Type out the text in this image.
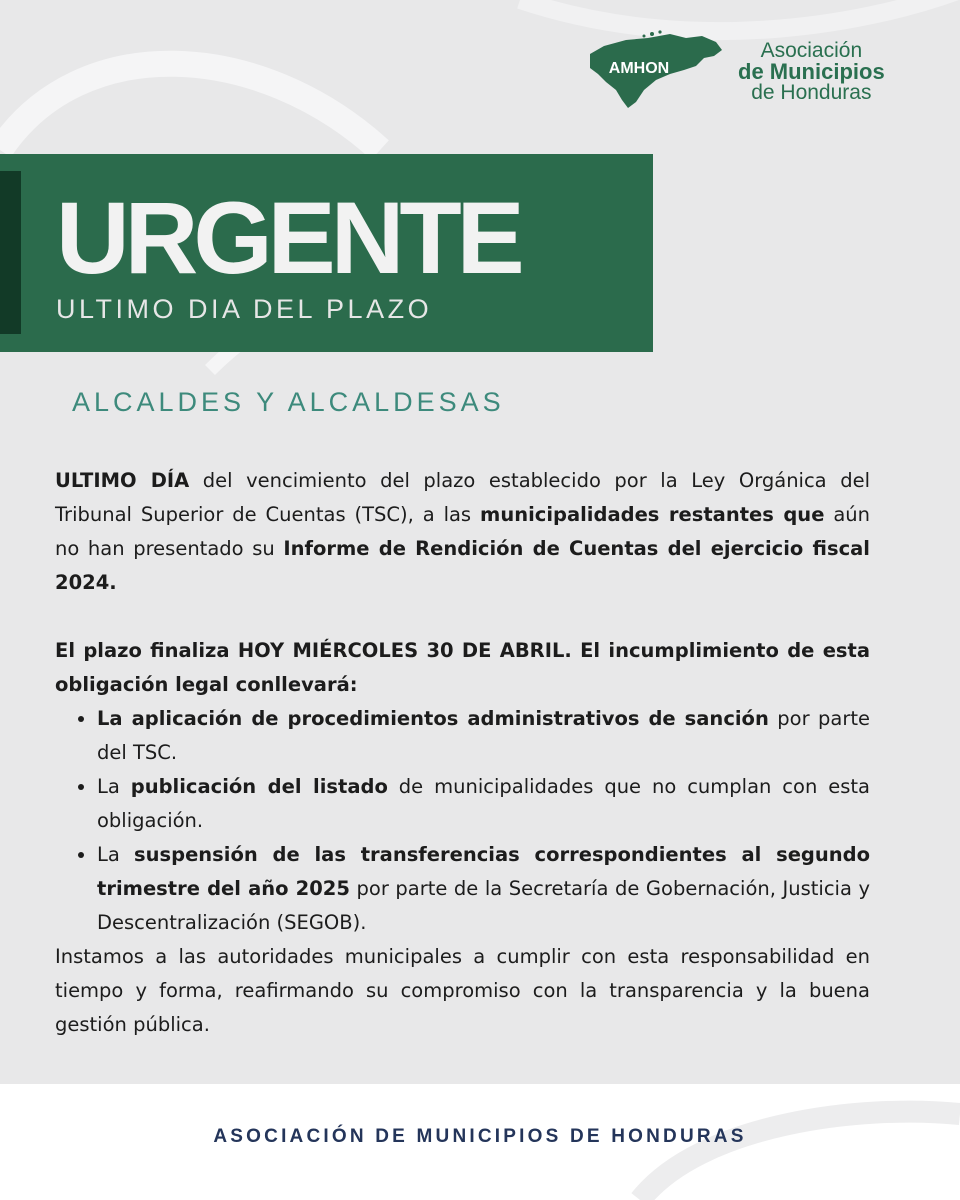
AMHON
Asociación
de Municipios
de Honduras
URGENTE
ULTIMO DIA DEL PLAZO
ALCALDES Y ALCALDESAS

ULTIMO DÍA del vencimiento del plazo establecido por la Ley Orgánica del Tribunal Superior de Cuentas (TSC), a las municipalidades restantes que aún no han presentado su Informe de Rendición de Cuentas del ejercicio fiscal 2024.

El plazo finaliza HOY MIÉRCOLES 30 DE ABRIL. El incumplimiento de esta obligación legal conllevará:

• La aplicación de procedimientos administrativos de sanción por parte del TSC.
• La publicación del listado de municipalidades que no cumplan con esta obligación.
• La suspensión de las transferencias correspondientes al segundo trimestre del año 2025 por parte de la Secretaría de Gobernación, Justicia y Descentralización (SEGOB).

Instamos a las autoridades municipales a cumplir con esta responsabilidad en tiempo y forma, reafirmando su compromiso con la transparencia y la buena gestión pública.

ASOCIACIÓN DE MUNICIPIOS DE HONDURAS
